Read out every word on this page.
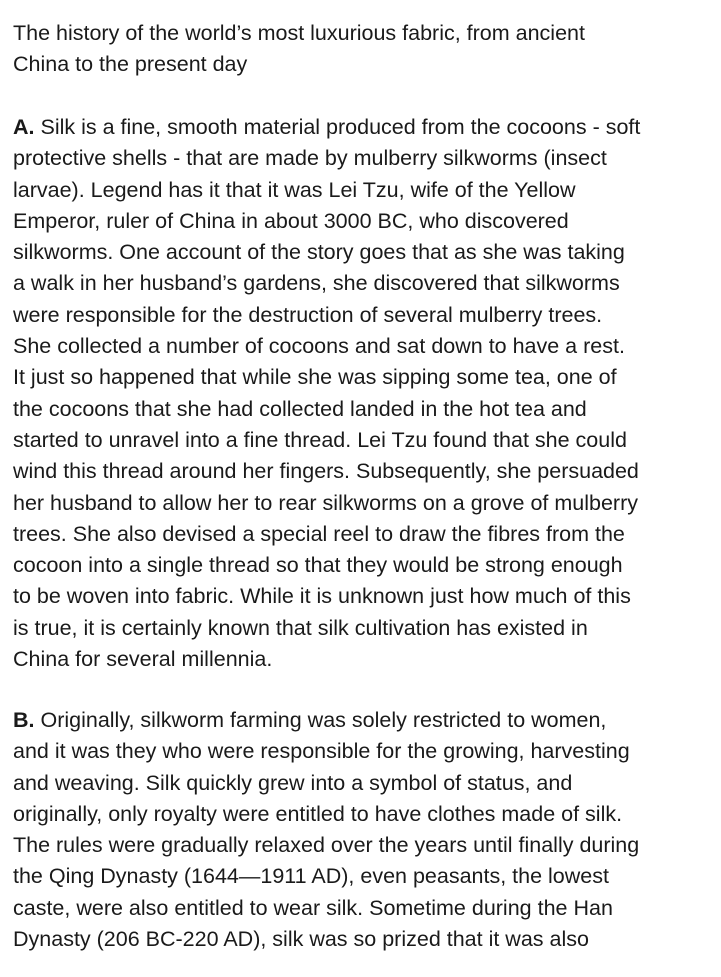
The history of the world’s most luxurious fabric, from ancient
China to the present day

A. Silk is a fine, smooth material produced from the cocoons - soft
protective shells - that are made by mulberry silkworms (insect
larvae). Legend has it that it was Lei Tzu, wife of the Yellow
Emperor, ruler of China in about 3000 BC, who discovered
silkworms. One account of the story goes that as she was taking
a walk in her husband’s gardens, she discovered that silkworms
were responsible for the destruction of several mulberry trees.
She collected a number of cocoons and sat down to have a rest.
It just so happened that while she was sipping some tea, one of
the cocoons that she had collected landed in the hot tea and
started to unravel into a fine thread. Lei Tzu found that she could
wind this thread around her fingers. Subsequently, she persuaded
her husband to allow her to rear silkworms on a grove of mulberry
trees. She also devised a special reel to draw the fibres from the
cocoon into a single thread so that they would be strong enough
to be woven into fabric. While it is unknown just how much of this
is true, it is certainly known that silk cultivation has existed in
China for several millennia.

B. Originally, silkworm farming was solely restricted to women,
and it was they who were responsible for the growing, harvesting
and weaving. Silk quickly grew into a symbol of status, and
originally, only royalty were entitled to have clothes made of silk.
The rules were gradually relaxed over the years until finally during
the Qing Dynasty (1644—1911 AD), even peasants, the lowest
caste, were also entitled to wear silk. Sometime during the Han
Dynasty (206 BC-220 AD), silk was so prized that it was also
